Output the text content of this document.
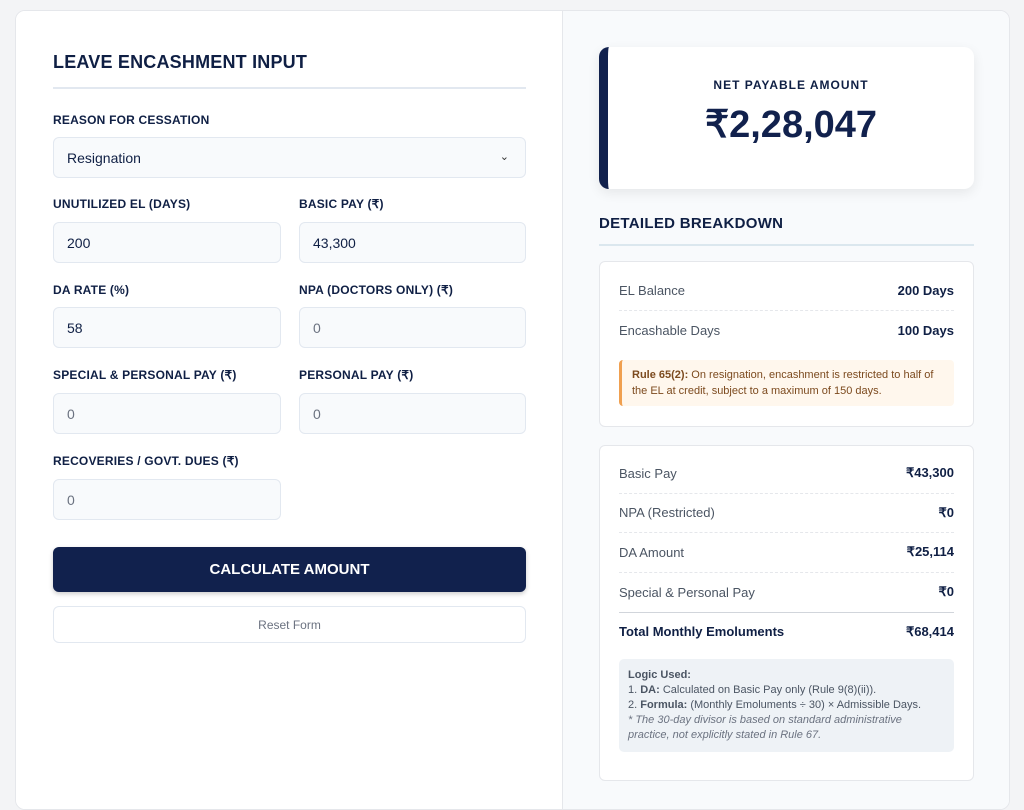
LEAVE ENCASHMENT INPUT
REASON FOR CESSATION
Resignation	⌄
UNUTILIZED EL (DAYS)
200
BASIC PAY (₹)
43,300
DA RATE (%)
58
NPA (DOCTORS ONLY) (₹)
0
SPECIAL & PERSONAL PAY (₹)
0
PERSONAL PAY (₹)
0
RECOVERIES / GOVT. DUES (₹)
0
CALCULATE AMOUNT
Reset Form
NET PAYABLE AMOUNT
₹2,28,047
DETAILED BREAKDOWN
EL Balance	200 Days
Encashable Days	100 Days
Rule 65(2): On resignation, encashment is restricted to half of the EL at credit, subject to a maximum of 150 days.
Basic Pay	₹43,300
NPA (Restricted)	₹0
DA Amount	₹25,114
Special & Personal Pay	₹0
Total Monthly Emoluments	₹68,414
Logic Used:
1. DA: Calculated on Basic Pay only (Rule 9(8)(ii)).
2. Formula: (Monthly Emoluments ÷ 30) × Admissible Days.
* The 30-day divisor is based on standard administrative practice, not explicitly stated in Rule 67.
